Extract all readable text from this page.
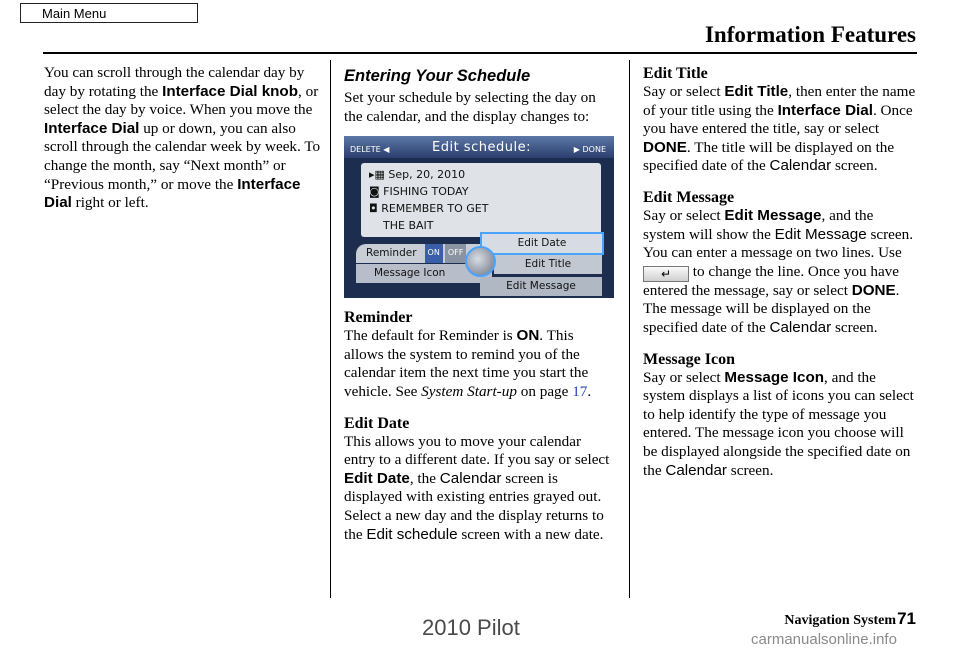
Main Menu
Information Features

You can scroll through the calendar day by day by rotating the Interface Dial knob, or select the day by voice. When you move the Interface Dial up or down, you can also scroll through the calendar week by week. To change the month, say “Next month” or “Previous month,” or move the Interface Dial right or left.

Entering Your Schedule

Set your schedule by selecting the day on the calendar, and the display changes to:

DELETE ◀	Edit schedule:	▶ DONE
▸▦ Sep, 20, 2010
◙ FISHING TODAY
◘ REMEMBER TO GET
THE BAIT
Reminder	ON	OFF
Message Icon
Edit Date
Edit Title
Edit Message
Reminder

The default for Reminder is ON. This allows the system to remind you of the calendar item the next time you start the vehicle. See System Start-up on page 17.

Edit Date

This allows you to move your calendar entry to a different date. If you say or select Edit Date, the Calendar screen is displayed with existing entries grayed out. Select a new day and the display returns to the Edit schedule screen with a new date.

Edit Title

Say or select Edit Title, then enter the name of your title using the Interface Dial. Once you have entered the title, say or select DONE. The title will be displayed on the specified date of the Calendar screen.

Edit Message

Say or select Edit Message, and the system will show the Edit Message screen. You can enter a message on two lines. Use ↵ to change the line. Once you have entered the message, say or select DONE. The message will be displayed on the specified date of the Calendar screen.

Message Icon

Say or select Message Icon, and the system displays a list of icons you can select to help identify the type of message you entered. The message icon you choose will be displayed alongside the specified date on the Calendar screen.

Navigation System 71
2010 Pilot	carmanualsonline.info
